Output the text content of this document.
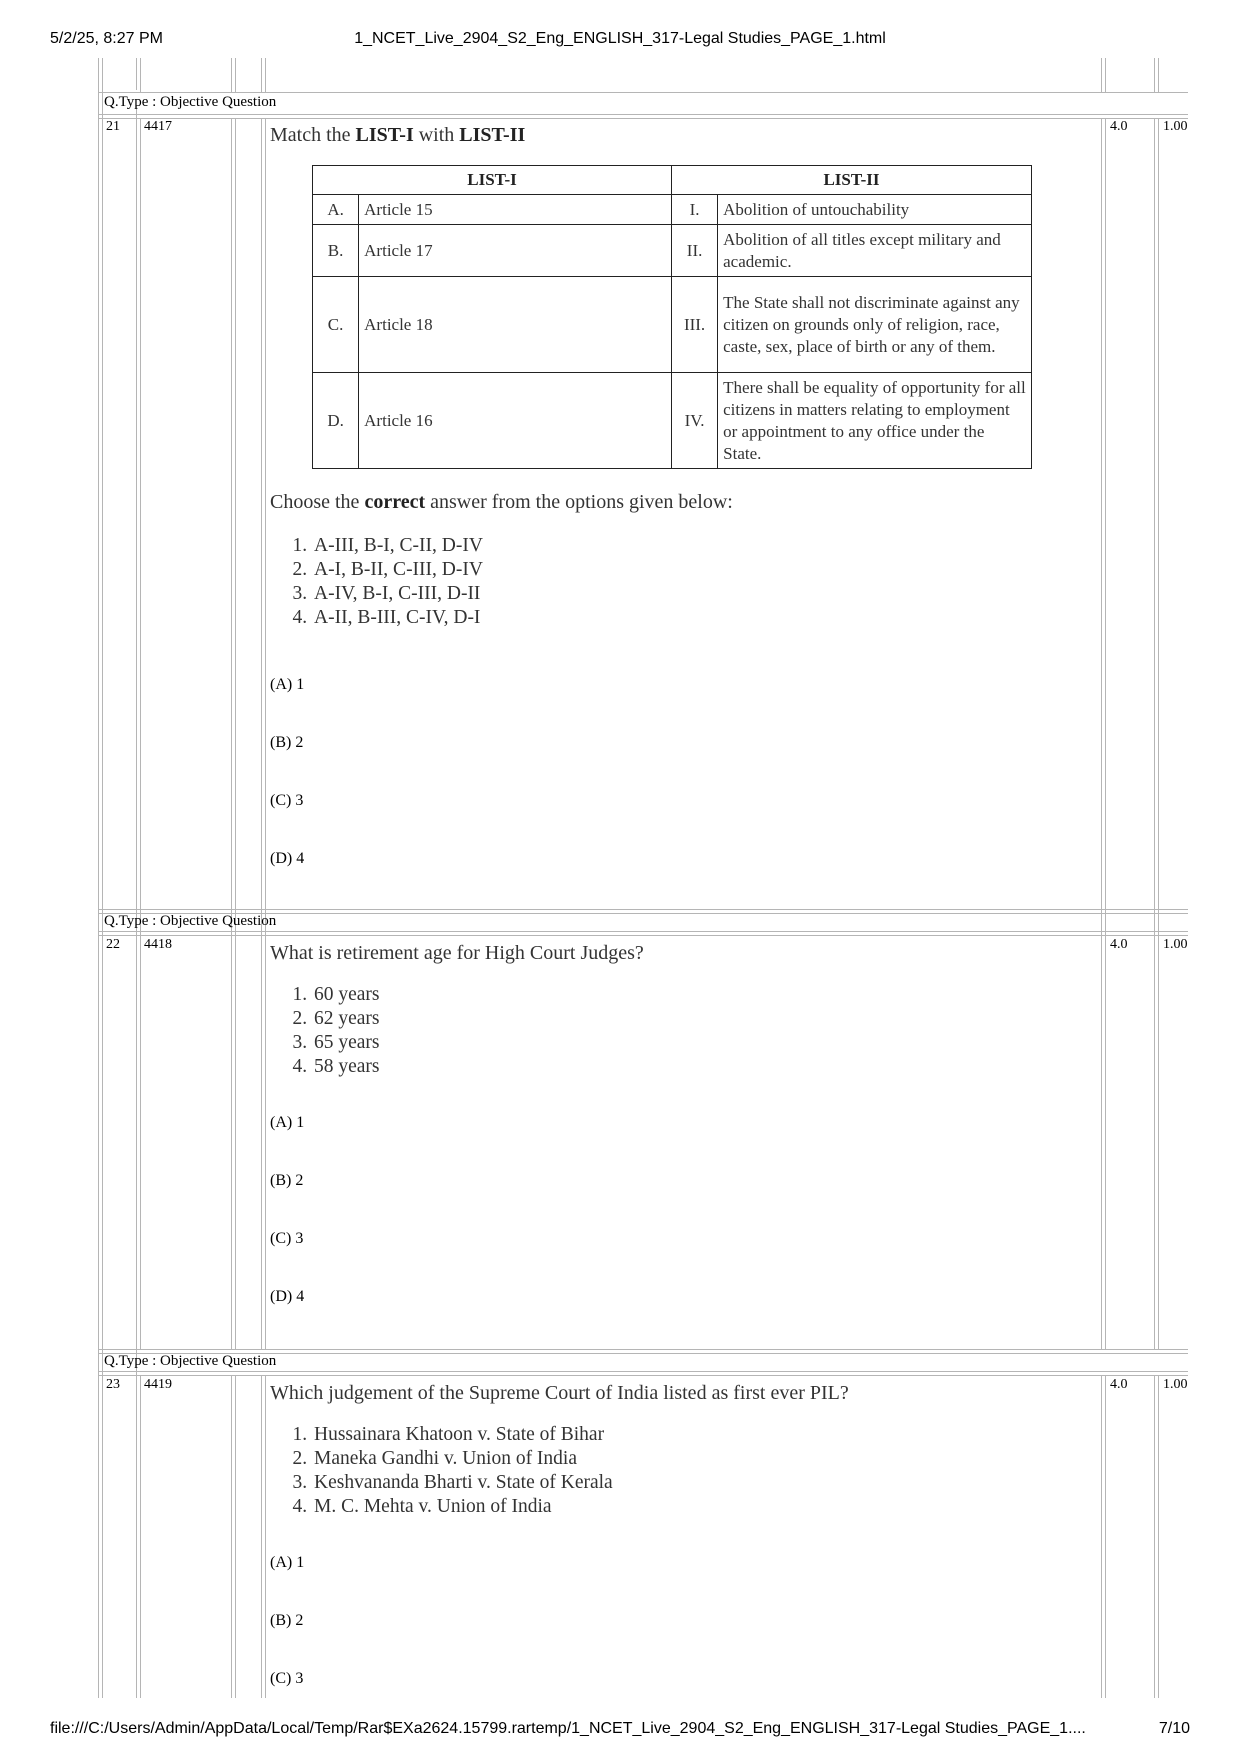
5/2/25, 8:27 PM	1_NCET_Live_2904_S2_Eng_ENGLISH_317-Legal Studies_PAGE_1.html
Q.Type : Objective Question
21 4417	4.0	1.00

Match the LIST-I with LIST-II

LIST-I		LIST-II	
A.	Article 15	I.	Abolition of untouchability
B.	Article 17	II.	Abolition of all titles except military and academic.
C.	Article 18	III.	The State shall not discriminate against any citizen on grounds only of religion, race, caste, sex, place of birth or any of them.
D.	Article 16	IV.	There shall be equality of opportunity for all citizens in matters relating to employment or appointment to any office under the State.

Choose the correct answer from the options given below:

1. A-III, B-I, C-II, D-IV
2. A-I, B-II, C-III, D-IV
3. A-IV, B-I, C-III, D-II
4. A-II, B-III, C-IV, D-I
(A) 1
(B) 2
(C) 3
(D) 4
Q.Type : Objective Question
22 4418	4.0	1.00

What is retirement age for High Court Judges?

1. 60 years
2. 62 years
3. 65 years
4. 58 years
(A) 1
(B) 2
(C) 3
(D) 4
Q.Type : Objective Question
23 4419	4.0	1.00

Which judgement of the Supreme Court of India listed as first ever PIL?

1. Hussainara Khatoon v. State of Bihar
2. Maneka Gandhi v. Union of India
3. Keshvananda Bharti v. State of Kerala
4. M. C. Mehta v. Union of India
(A) 1
(B) 2
(C) 3
file:///C:/Users/Admin/AppData/Local/Temp/Rar$EXa2624.15799.rartemp/1_NCET_Live_2904_S2_Eng_ENGLISH_317-Legal Studies_PAGE_1....	7/10
